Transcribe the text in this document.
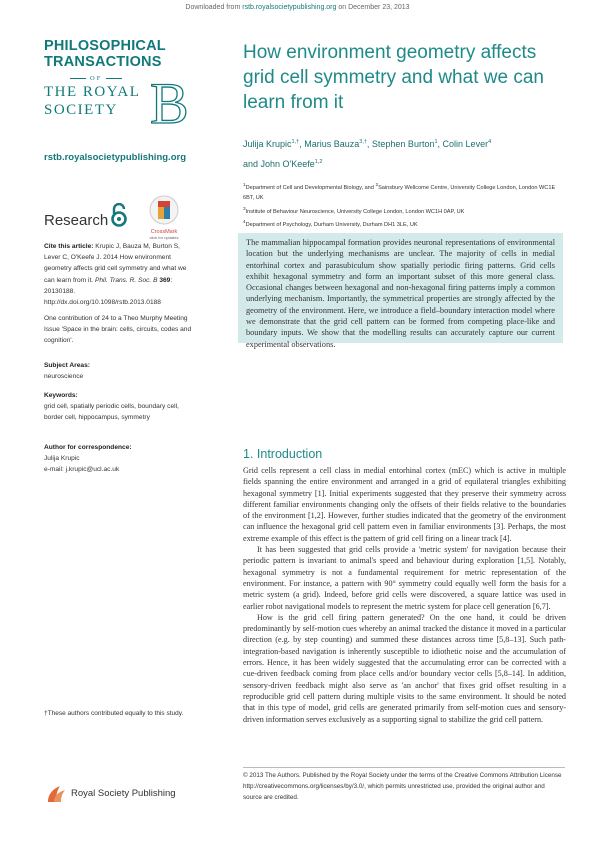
Downloaded from rstb.royalsocietypublishing.org on December 23, 2013
PHILOSOPHICAL
TRANSACTIONS
OF
THE ROYAL
SOCIETY B
How environment geometry affects grid cell symmetry and what we can learn from it
Julija Krupic$^{1,\dagger}$, Marius Bauza$^{3,\dagger}$, Stephen Burton$^1$, Colin Lever$^4$
and John O'Keefe$^{1,2}$
$^1$Department of Cell and Developmental Biology, and $^2$Sainsbury Wellcome Centre, University College London, London WC1E 6BT, UK
$^3$Institute of Behaviour Neuroscience, University College London, London WC1H 0AP, UK
$^4$Department of Psychology, Durham University, Durham DH1 3LE, UK
rstb.royalsocietypublishing.org
Research
CrossMark
click for updates
Cite this article: Krupic J, Bauza M, Burton S, Lever C, O'Keefe J. 2014 How environment geometry affects grid cell symmetry and what we can learn from it. Phil. Trans. R. Soc. B 369: 20130188.
http://dx.doi.org/10.1098/rstb.2013.0188
One contribution of 24 to a Theo Murphy Meeting Issue 'Space in the brain: cells, circuits, codes and cognition'.
Subject Areas:
neuroscience
Keywords:
grid cell, spatially periodic cells, boundary cell, border cell, hippocampus, symmetry
Author for correspondence:
Julija Krupic
e-mail: j.krupic@ucl.ac.uk
†These authors contributed equally to this study.
Royal Society Publishing

The mammalian hippocampal formation provides neuronal representations of environmental location but the underlying mechanisms are unclear. The majority of cells in medial entorhinal cortex and parasubiculum show spatially periodic firing patterns. Grid cells exhibit hexagonal symmetry and form an important subset of this more general class. Occasional changes between hexagonal and non-hexagonal firing patterns imply a common underlying mechanism. Importantly, the symmetrical properties are strongly affected by the geometry of the environment. Here, we introduce a field–boundary interaction model where we demonstrate that the grid cell pattern can be formed from competing place-like and boundary inputs. We show that the modelling results can accurately capture our current experimental observations.

1. Introduction

Grid cells represent a cell class in medial entorhinal cortex (mEC) which is active in multiple fields spanning the entire environment and arranged in a grid of equilateral triangles exhibiting hexagonal symmetry [1]. Initial experiments suggested that they preserve their symmetry across different familiar environments changing only the offsets of their fields relative to the boundaries of the environment [1,2]. However, further studies indicated that the geometry of the environment can influence the hexagonal grid cell pattern even in familiar environments [3]. Perhaps, the most extreme example of this effect is the pattern of grid cell firing on a linear track [4].

It has been suggested that grid cells provide a 'metric system' for navigation because their periodic pattern is invariant to animal's speed and behaviour during exploration [1,5]. Notably, hexagonal symmetry is not a fundamental requirement for metric representation of the environment. For instance, a pattern with 90° symmetry could equally well form the basis for a metric system (a grid). Indeed, before grid cells were discovered, a square lattice was used in earlier robot navigational models to represent the metric system for place cell generation [6,7].

How is the grid cell firing pattern generated? On the one hand, it could be driven predominantly by self-motion cues whereby an animal tracked the distance it moved in a particular direction (e.g. by step counting) and summed these distances across time [5,8–13]. Such path-integration-based navigation is inherently susceptible to idiothetic noise and the accumulation of errors. Hence, it has been widely suggested that the accumulating error can be corrected with a cue-driven feedback coming from place cells and/or boundary vector cells [5,8–14]. In addition, sensory-driven feedback might also serve as 'an anchor' that fixes grid offset resulting in a reproducible grid cell pattern during multiple visits to the same environment. It should be noted that in this type of model, grid cells are generated primarily from self-motion cues and sensory-driven information serves exclusively as a supporting signal to stabilize the grid cell pattern.

© 2013 The Authors. Published by the Royal Society under the terms of the Creative Commons Attribution License http://creativecommons.org/licenses/by/3.0/, which permits unrestricted use, provided the original author and source are credited.
